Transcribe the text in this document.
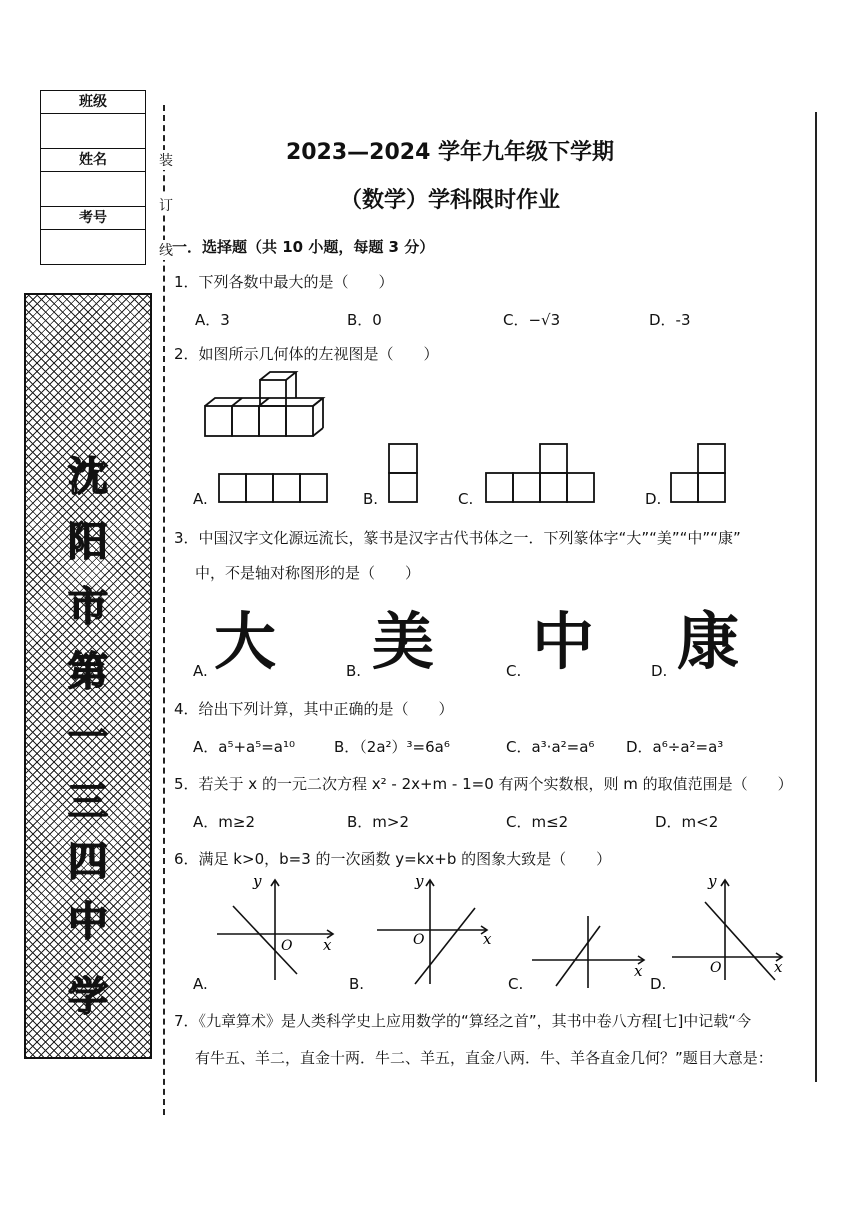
班级
姓名
考号
装
订
线
沈
阳
市
第
一
三
四
中
学
2023—2024 学年九年级下学期
（数学）学科限时作业
一．选择题（共 10 小题，每题 3 分）
1．下列各数中最大的是（　　）
A．3	B．0	C．−√3	D．-3
2．如图所示几何体的左视图是（　　）
A.	B.	C.	D.
3．中国汉字文化源远流长，篆书是汉字古代书体之一．下列篆体字“大”“美”“中”“康”
中，不是轴对称图形的是（　　）
A. 大	B. 美	C. 中	D. 康
4．给出下列计算，其中正确的是（　　）
A．a⁵+a⁵=a¹⁰	B．（2a²）³=6a⁶	C．a³·a²=a⁶ D．a⁶÷a²=a³
5．若关于 x 的一元二次方程 x² - 2x+m - 1=0 有两个实数根，则 m 的取值范围是（　　）
A．m≥2	B．m>2	C．m≤2	D．m<2
6．满足 k>0，b=3 的一次函数 y=kx+b 的图象大致是（　　）
A.
y
x
O
B.
y
x
O
C.
x
D.
y
x
O
7．《九章算术》是人类科学史上应用数学的“算经之首”，其书中卷八方程[七]中记载“今
有牛五、羊二，直金十两．牛二、羊五，直金八两．牛、羊各直金几何？”题目大意是：
